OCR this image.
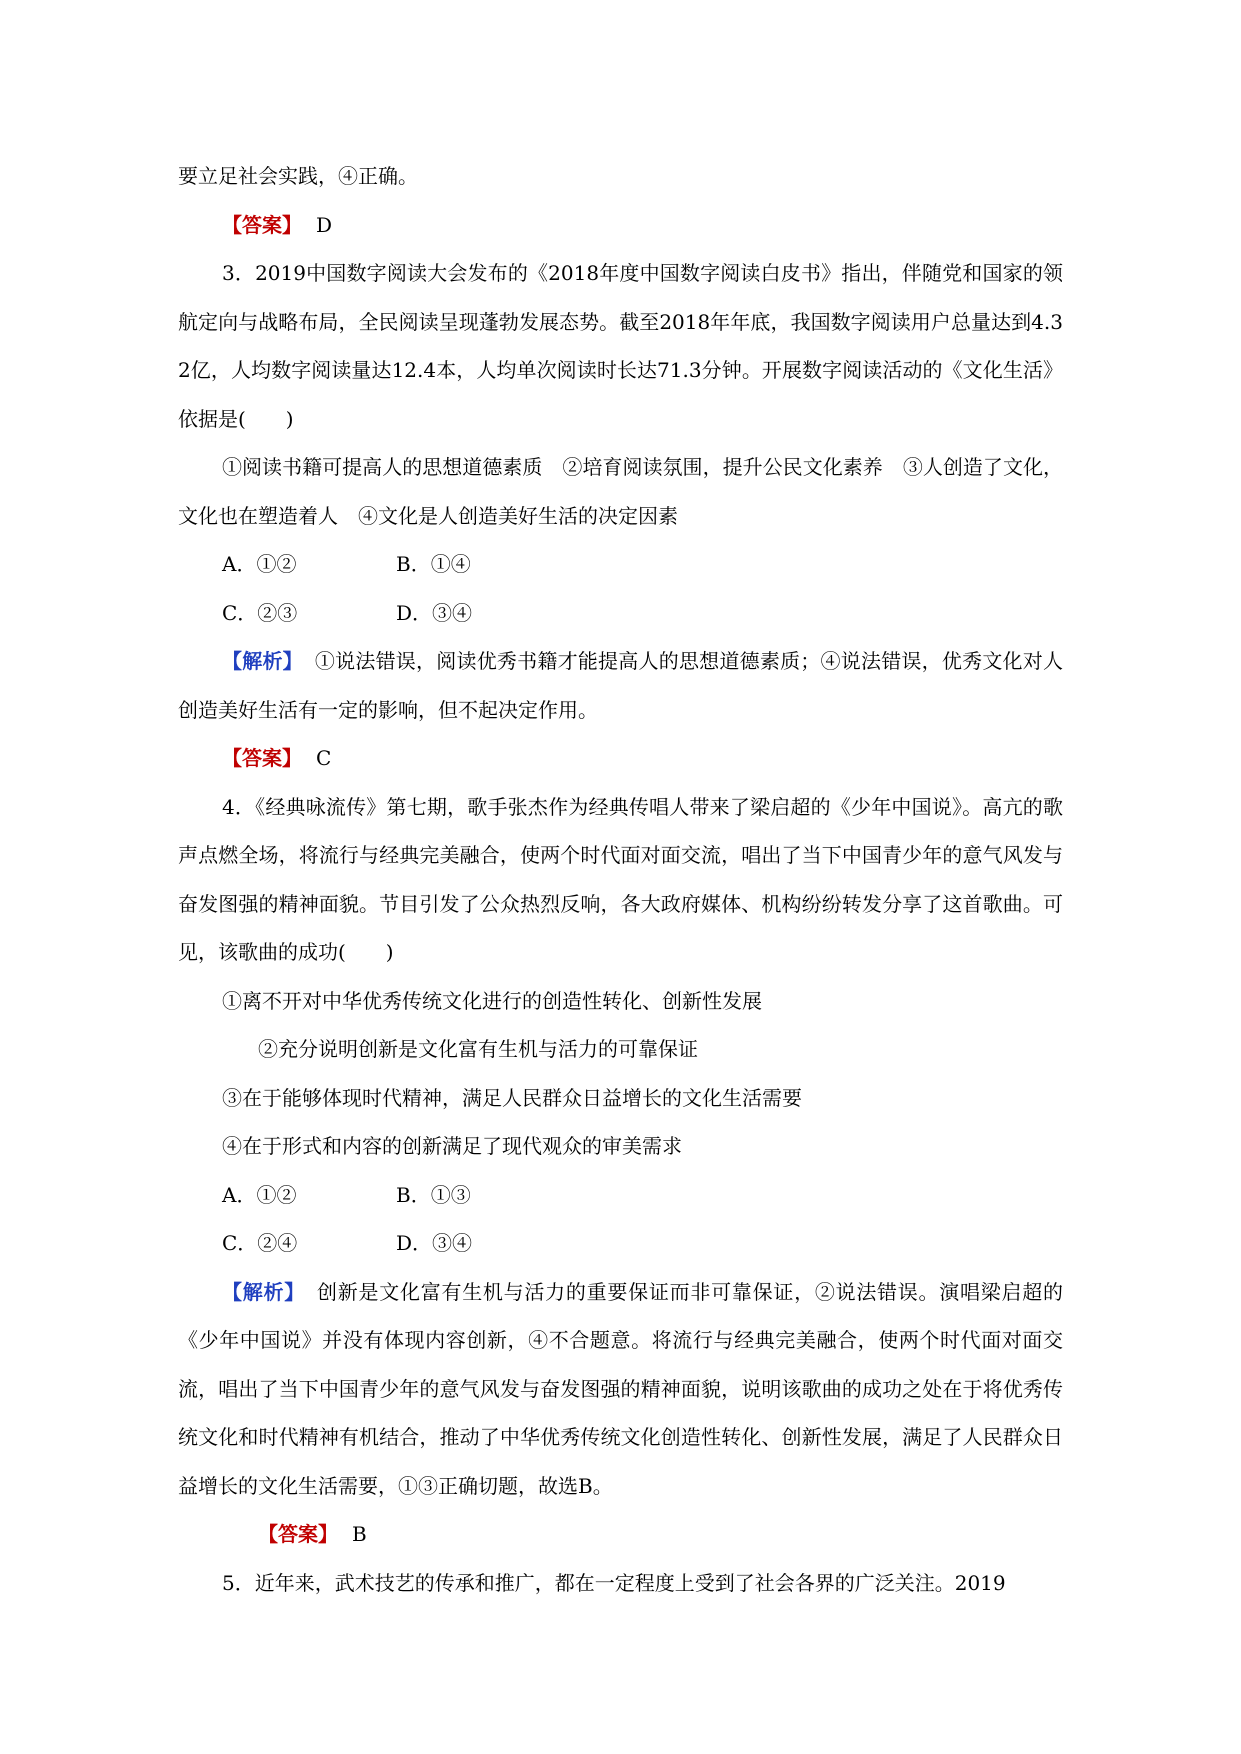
要立足社会实践，④正确。

【答案】 D

3．2019中国数字阅读大会发布的《2018年度中国数字阅读白皮书》指出，伴随党和国家的领航定向与战略布局，全民阅读呈现蓬勃发展态势。截至2018年年底，我国数字阅读用户总量达到4.32亿，人均数字阅读量达12.4本，人均单次阅读时长达71.3分钟。开展数字阅读活动的《文化生活》依据是(　　)

①阅读书籍可提高人的思想道德素质　②培育阅读氛围，提升公民文化素养　③人创造了文化，文化也在塑造着人　④文化是人创造美好生活的决定因素

A．①②	B．①④

C．②③	D．③④

【解析】 ①说法错误，阅读优秀书籍才能提高人的思想道德素质；④说法错误，优秀文化对人创造美好生活有一定的影响，但不起决定作用。

【答案】 C

4．《经典咏流传》第七期，歌手张杰作为经典传唱人带来了梁启超的《少年中国说》。高亢的歌声点燃全场，将流行与经典完美融合，使两个时代面对面交流，唱出了当下中国青少年的意气风发与奋发图强的精神面貌。节目引发了公众热烈反响，各大政府媒体、机构纷纷转发分享了这首歌曲。可见，该歌曲的成功(　　)

①离不开对中华优秀传统文化进行的创造性转化、创新性发展

②充分说明创新是文化富有生机与活力的可靠保证

③在于能够体现时代精神，满足人民群众日益增长的文化生活需要

④在于形式和内容的创新满足了现代观众的审美需求

A．①②	B．①③

C．②④	D．③④

【解析】 创新是文化富有生机与活力的重要保证而非可靠保证，②说法错误。演唱梁启超的《少年中国说》并没有体现内容创新，④不合题意。将流行与经典完美融合，使两个时代面对面交流，唱出了当下中国青少年的意气风发与奋发图强的精神面貌，说明该歌曲的成功之处在于将优秀传统文化和时代精神有机结合，推动了中华优秀传统文化创造性转化、创新性发展，满足了人民群众日益增长的文化生活需要，①③正确切题，故选B。

【答案】 B

5．近年来，武术技艺的传承和推广，都在一定程度上受到了社会各界的广泛关注。2019
